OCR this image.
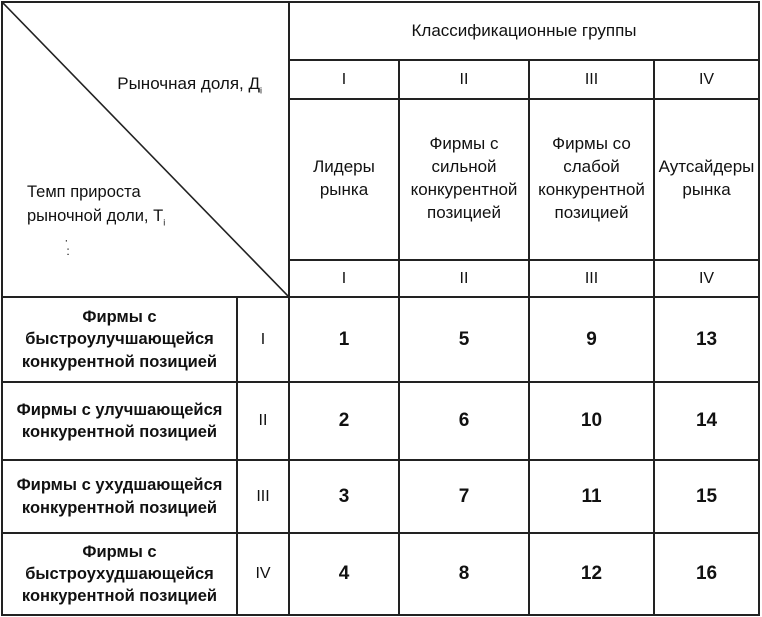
Рыночная доля, $Д_i$
Темп прироста
рыночной доли, $Т_i$
·
:		Классификационные группы			
		I	II	III	IV
		Лидеры рынка	Фирмы с сильной конкурентной позицией	Фирмы со слабой конкурентной позицией	Аутсайдеры рынка
		I	II	III	IV

Фирмы с быстроулучшающейся конкурентной позицией	I	1	5	9	13
Фирмы с улучшающейся конкурентной позицией	II	2	6	10	14
Фирмы с ухудшающейся конкурентной позицией	III	3	7	11	15
Фирмы с быстроухудшающейся конкурентной позицией	IV	4	8	12	16
